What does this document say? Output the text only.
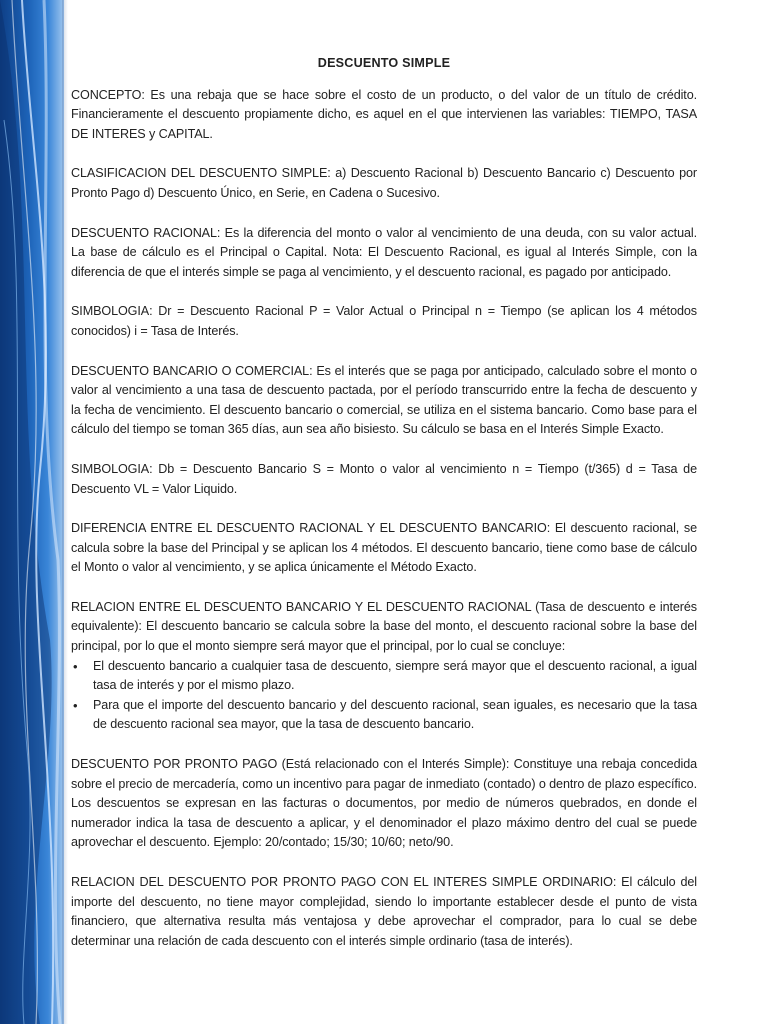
DESCUENTO SIMPLE

CONCEPTO: Es una rebaja que se hace sobre el costo de un producto, o del valor de un título de crédito. Financieramente el descuento propiamente dicho, es aquel en el que intervienen las variables: TIEMPO, TASA DE INTERES y CAPITAL.

CLASIFICACION DEL DESCUENTO SIMPLE: a) Descuento Racional b) Descuento Bancario c) Descuento por Pronto Pago d) Descuento Único, en Serie, en Cadena o Sucesivo.

DESCUENTO RACIONAL: Es la diferencia del monto o valor al vencimiento de una deuda, con su valor actual. La base de cálculo es el Principal o Capital. Nota: El Descuento Racional, es igual al Interés Simple, con la diferencia de que el interés simple se paga al vencimiento, y el descuento racional, es pagado por anticipado.

SIMBOLOGIA: Dr = Descuento Racional P = Valor Actual o Principal n = Tiempo (se aplican los 4 métodos conocidos) i = Tasa de Interés.

DESCUENTO BANCARIO O COMERCIAL: Es el interés que se paga por anticipado, calculado sobre el monto o valor al vencimiento a una tasa de descuento pactada, por el período transcurrido entre la fecha de descuento y la fecha de vencimiento. El descuento bancario o comercial, se utiliza en el sistema bancario. Como base para el cálculo del tiempo se toman 365 días, aun sea año bisiesto. Su cálculo se basa en el Interés Simple Exacto.

SIMBOLOGIA: Db = Descuento Bancario S = Monto o valor al vencimiento n = Tiempo (t/365) d = Tasa de Descuento VL = Valor Liquido.

DIFERENCIA ENTRE EL DESCUENTO RACIONAL Y EL DESCUENTO BANCARIO: El descuento racional, se calcula sobre la base del Principal y se aplican los 4 métodos. El descuento bancario, tiene como base de cálculo el Monto o valor al vencimiento, y se aplica únicamente el Método Exacto.

RELACION ENTRE EL DESCUENTO BANCARIO Y EL DESCUENTO RACIONAL (Tasa de descuento e interés equivalente): El descuento bancario se calcula sobre la base del monto, el descuento racional sobre la base del principal, por lo que el monto siempre será mayor que el principal, por lo cual se concluye:

• El descuento bancario a cualquier tasa de descuento, siempre será mayor que el descuento racional, a igual tasa de interés y por el mismo plazo.
• Para que el importe del descuento bancario y del descuento racional, sean iguales, es necesario que la tasa de descuento racional sea mayor, que la tasa de descuento bancario.

DESCUENTO POR PRONTO PAGO (Está relacionado con el Interés Simple): Constituye una rebaja concedida sobre el precio de mercadería, como un incentivo para pagar de inmediato (contado) o dentro de plazo específico. Los descuentos se expresan en las facturas o documentos, por medio de números quebrados, en donde el numerador indica la tasa de descuento a aplicar, y el denominador el plazo máximo dentro del cual se puede aprovechar el descuento. Ejemplo: 20/contado; 15/30; 10/60; neto/90.

RELACION DEL DESCUENTO POR PRONTO PAGO CON EL INTERES SIMPLE ORDINARIO: El cálculo del importe del descuento, no tiene mayor complejidad, siendo lo importante establecer desde el punto de vista financiero, que alternativa resulta más ventajosa y debe aprovechar el comprador, para lo cual se debe determinar una relación de cada descuento con el interés simple ordinario (tasa de interés).
